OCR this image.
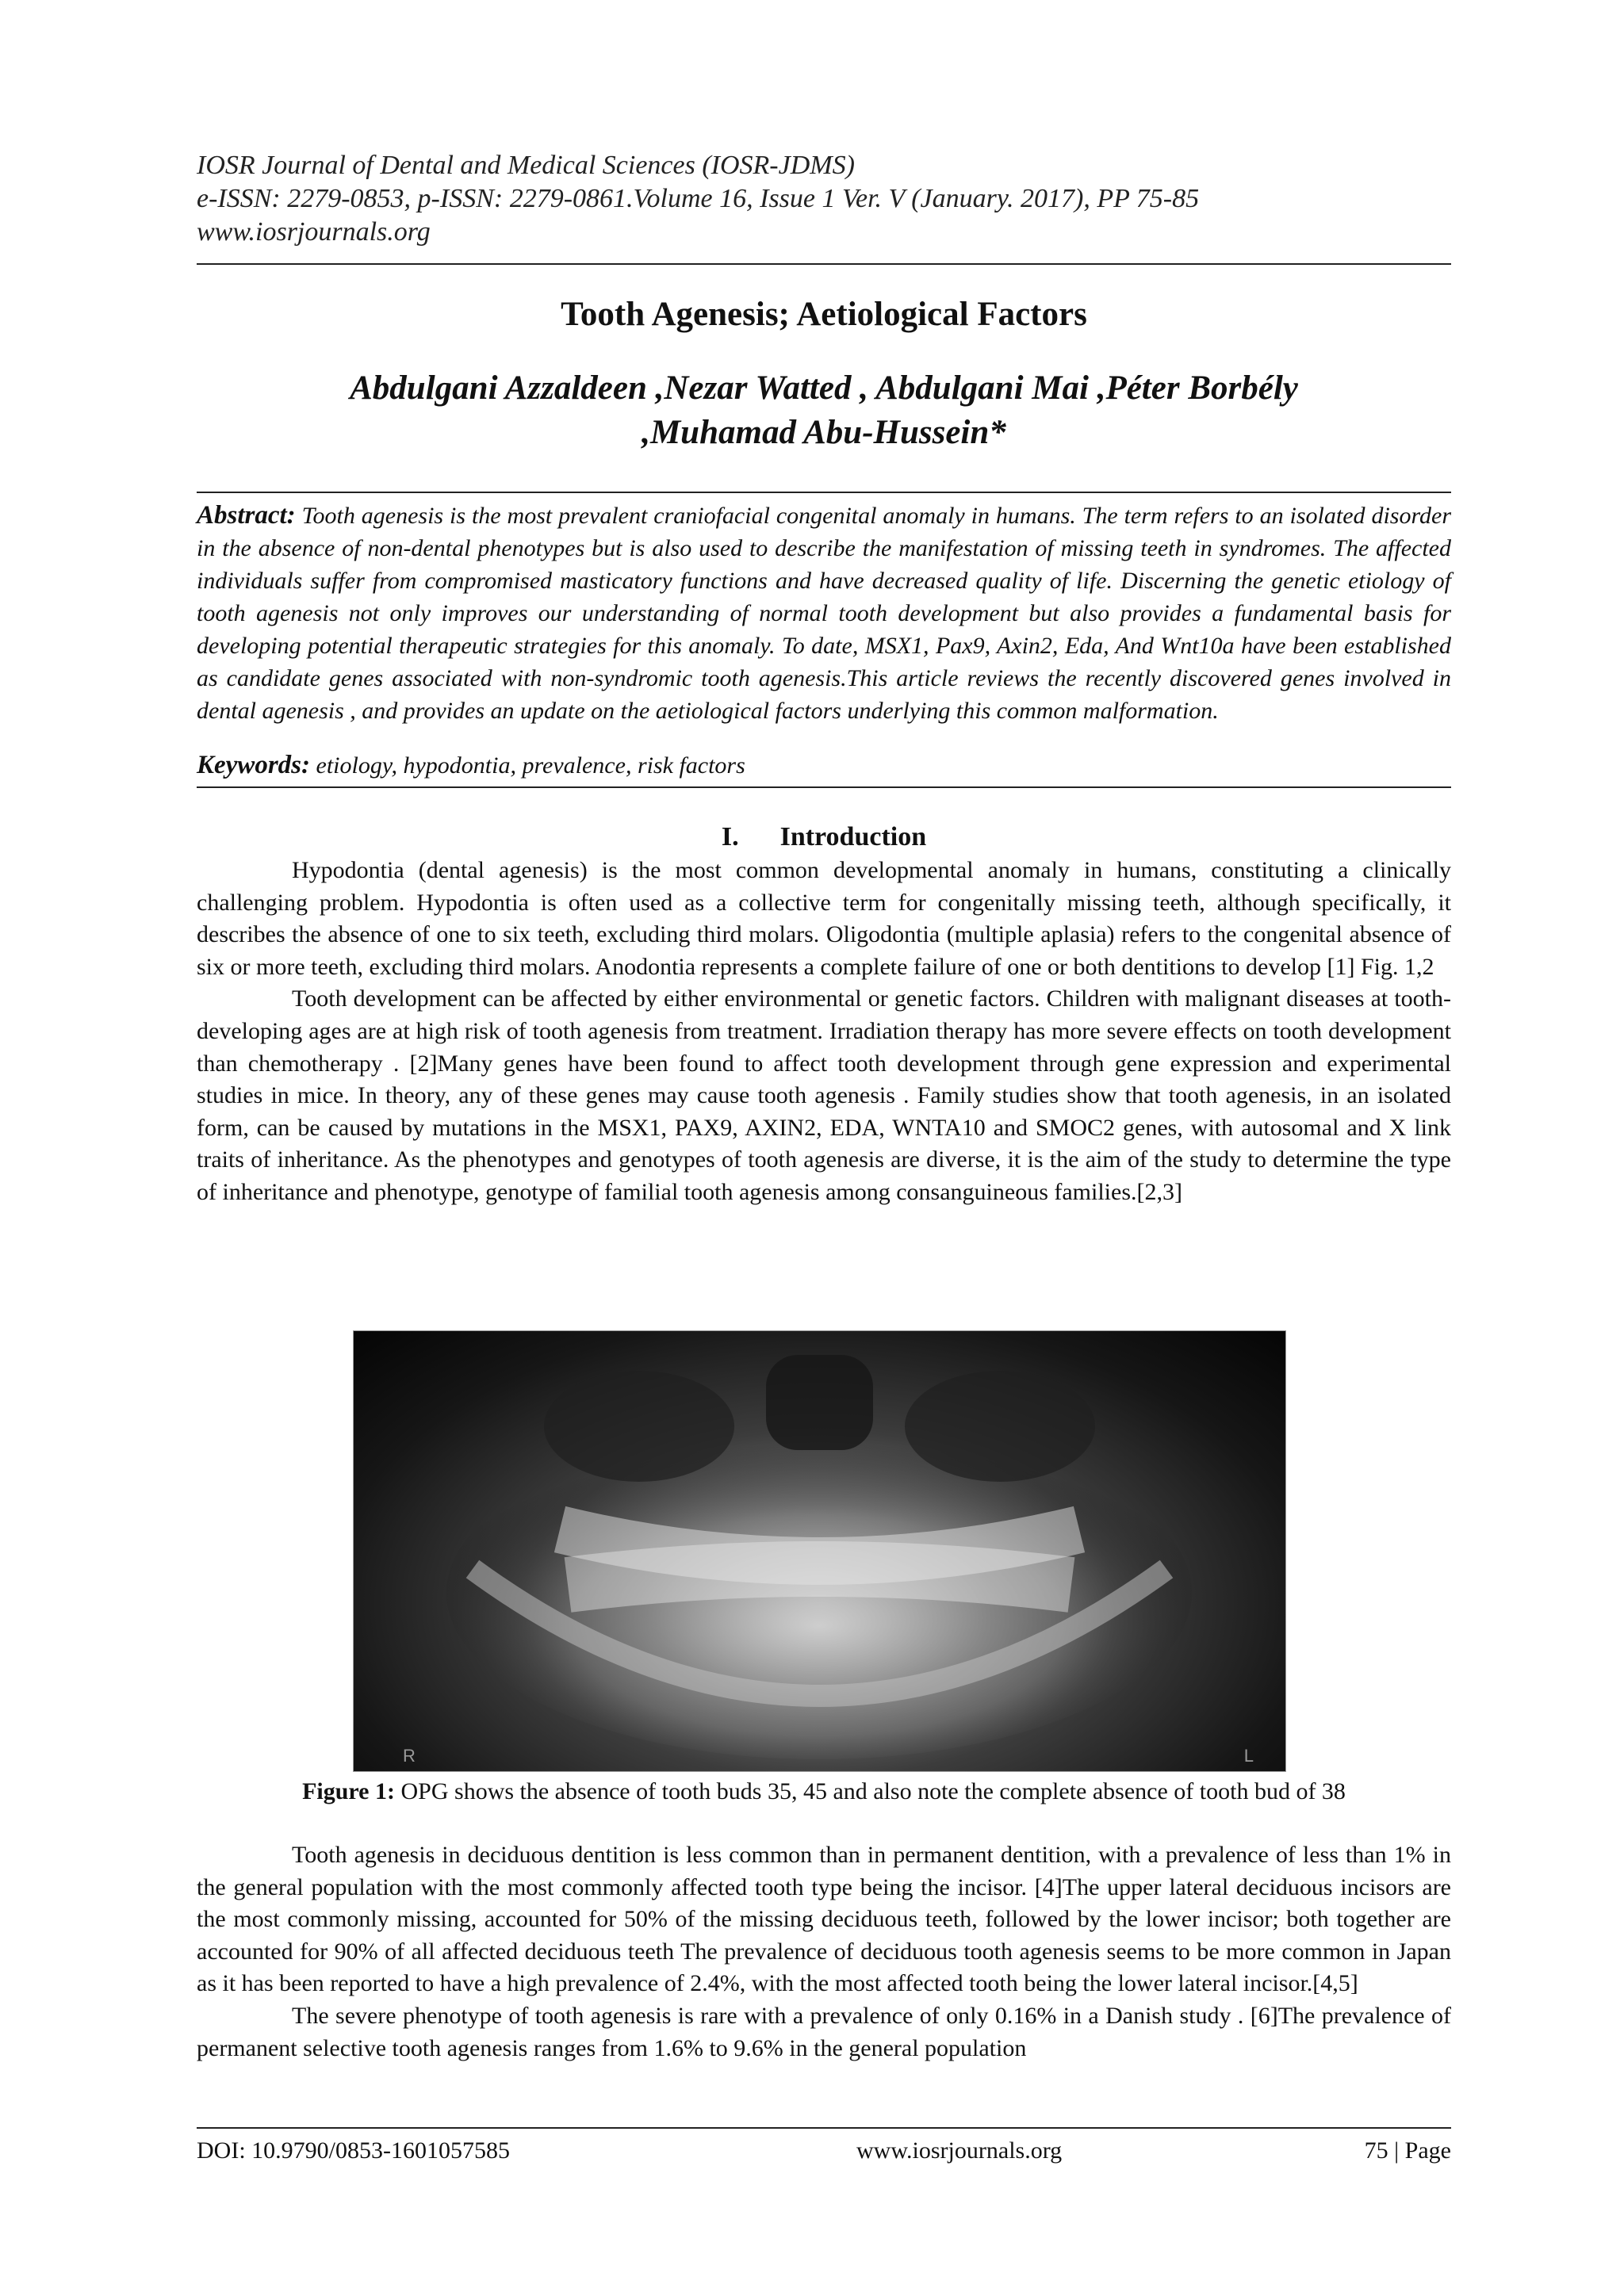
IOSR Journal of Dental and Medical Sciences (IOSR-JDMS)
e-ISSN: 2279-0853, p-ISSN: 2279-0861.Volume 16, Issue 1 Ver. V (January. 2017), PP 75-85
www.iosrjournals.org
Tooth Agenesis; Aetiological Factors
Abdulgani Azzaldeen ,Nezar Watted , Abdulgani Mai ,Péter Borbély
,Muhamad Abu-Hussein*
Abstract: Tooth agenesis is the most prevalent craniofacial congenital anomaly in humans. The term refers to an isolated disorder in the absence of non-dental phenotypes but is also used to describe the manifestation of missing teeth in syndromes. The affected individuals suffer from compromised masticatory functions and have decreased quality of life. Discerning the genetic etiology of tooth agenesis not only improves our understanding of normal tooth development but also provides a fundamental basis for developing potential therapeutic strategies for this anomaly. To date, MSX1, Pax9, Axin2, Eda, And Wnt10a have been established as candidate genes associated with non-syndromic tooth agenesis.This article reviews the recently discovered genes involved in dental agenesis , and provides an update on the aetiological factors underlying this common malformation.
Keywords: etiology, hypodontia, prevalence, risk factors
I. Introduction

Hypodontia (dental agenesis) is the most common developmental anomaly in humans, constituting a clinically challenging problem. Hypodontia is often used as a collective term for congenitally missing teeth, although specifically, it describes the absence of one to six teeth, excluding third molars. Oligodontia (multiple aplasia) refers to the congenital absence of six or more teeth, excluding third molars. Anodontia represents a complete failure of one or both dentitions to develop [1] Fig. 1,2

Tooth development can be affected by either environmental or genetic factors. Children with malignant diseases at tooth-developing ages are at high risk of tooth agenesis from treatment. Irradiation therapy has more severe effects on tooth development than chemotherapy . [2]Many genes have been found to affect tooth development through gene expression and experimental studies in mice. In theory, any of these genes may cause tooth agenesis . Family studies show that tooth agenesis, in an isolated form, can be caused by mutations in the MSX1, PAX9, AXIN2, EDA, WNTA10 and SMOC2 genes, with autosomal and X link traits of inheritance. As the phenotypes and genotypes of tooth agenesis are diverse, it is the aim of the study to determine the type of inheritance and phenotype, genotype of familial tooth agenesis among consanguineous families.[2,3]

R	L
Figure 1: OPG shows the absence of tooth buds 35, 45 and also note the complete absence of tooth bud of 38

Tooth agenesis in deciduous dentition is less common than in permanent dentition, with a prevalence of less than 1% in the general population with the most commonly affected tooth type being the incisor. [4]The upper lateral deciduous incisors are the most commonly missing, accounted for 50% of the missing deciduous teeth, followed by the lower incisor; both together are accounted for 90% of all affected deciduous teeth The prevalence of deciduous tooth agenesis seems to be more common in Japan as it has been reported to have a high prevalence of 2.4%, with the most affected tooth being the lower lateral incisor.[4,5]

The severe phenotype of tooth agenesis is rare with a prevalence of only 0.16% in a Danish study . [6]The prevalence of permanent selective tooth agenesis ranges from 1.6% to 9.6% in the general population

DOI: 10.9790/0853-1601057585	www.iosrjournals.org	75 | Page
